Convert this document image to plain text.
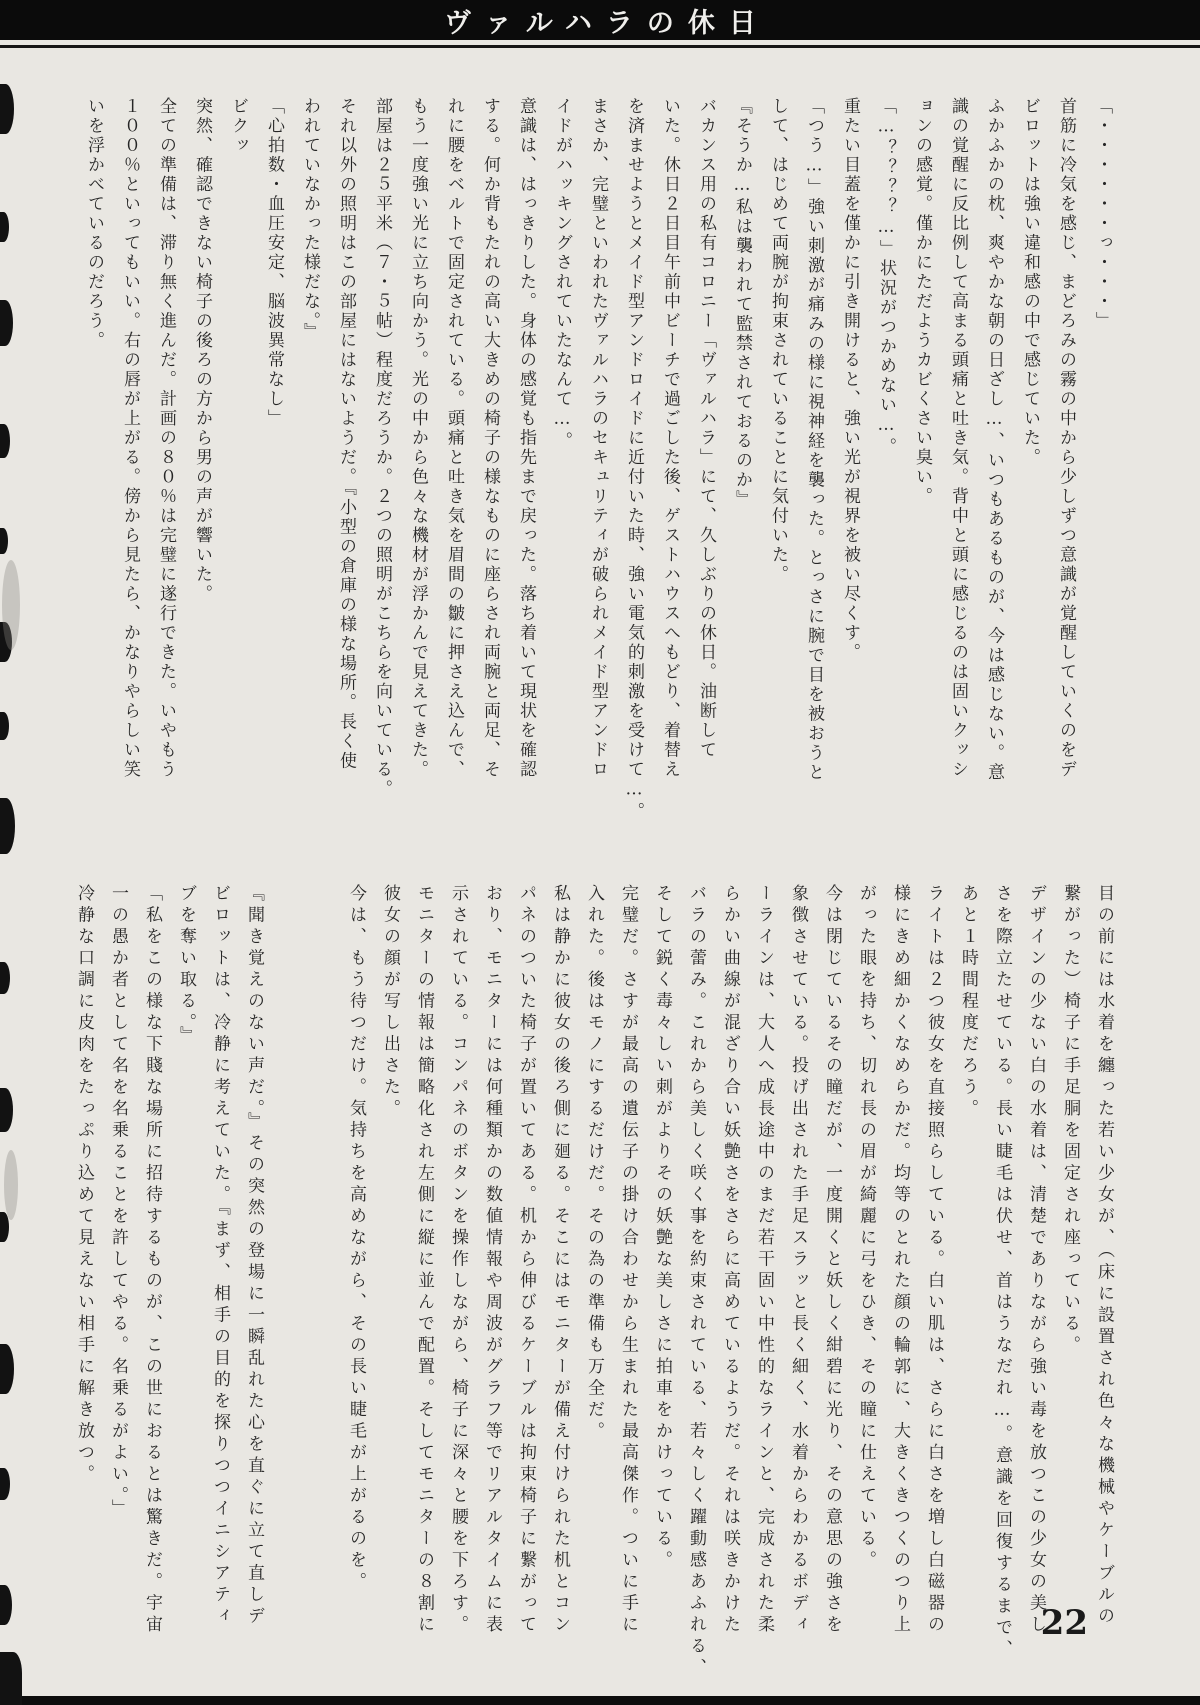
ヴァルハラの休日
「・・・・・・っ・・・」
首筋に冷気を感じ、まどろみの霧の中から少しずつ意識が覚醒していくのをデ
ビロットは強い違和感の中で感じていた。
ふかふかの枕、爽やかな朝の日ざし…、いつもあるものが、今は感じない。意
識の覚醒に反比例して高まる頭痛と吐き気。背中と頭に感じるのは固いクッシ
ョンの感覚。僅かにただようカビくさい臭い。
「…？？？？…」状況がつかめない…。
重たい目蓋を僅かに引き開けると、強い光が視界を被い尽くす。
「つう…」強い刺激が痛みの様に視神経を襲った。とっさに腕で目を被おうと
して、はじめて両腕が拘束されていることに気付いた。
『そうか…私は襲われて監禁されておるのか』
バカンス用の私有コロニー「ヴァルハラ」にて、久しぶりの休日。油断して
いた。休日２日目午前中ビーチで過ごした後、ゲストハウスへもどり、着替え
を済ませようとメイド型アンドロイドに近付いた時、強い電気的刺激を受けて…。
まさか、完璧といわれたヴァルハラのセキュリティが破られメイド型アンドロ
イドがハッキングされていたなんて…。
意識は、はっきりした。身体の感覚も指先まで戻った。落ち着いて現状を確認
する。何か背もたれの高い大きめの椅子の様なものに座らされ両腕と両足、そ
れに腰をベルトで固定されている。頭痛と吐き気を眉間の皺に押さえ込んで、
もう一度強い光に立ち向かう。光の中から色々な機材が浮かんで見えてきた。
部屋は２５平米（７・５帖）程度だろうか。２つの照明がこちらを向いている。
それ以外の照明はこの部屋にはないようだ。『小型の倉庫の様な場所。長く使
われていなかった様だな。』
「心拍数・血圧安定、脳波異常なし」
ビクッ
突然、確認できない椅子の後ろの方から男の声が響いた。
全ての準備は、滞り無く進んだ。計画の８０％は完璧に遂行できた。いやもう
１００％といってもいい。右の唇が上がる。傍から見たら、かなりやらしい笑
いを浮かべているのだろう。
目の前には水着を纏った若い少女が、（床に設置され色々な機械やケーブルの
繋がった）椅子に手足胴を固定され座っている。
デザインの少ない白の水着は、清楚でありながら強い毒を放つこの少女の美し
さを際立たせている。長い睫毛は伏せ、首はうなだれ…。意識を回復するまで、
あと１時間程度だろう。
ライトは２つ彼女を直接照らしている。白い肌は、さらに白さを増し白磁器の
様にきめ細かくなめらかだ。均等のとれた顔の輪郭に、大きくきつくのつり上
がった眼を持ち、切れ長の眉が綺麗に弓をひき、その瞳に仕えている。
今は閉じているその瞳だが、一度開くと妖しく紺碧に光り、その意思の強さを
象徴させている。投げ出された手足スラッと長く細く、水着からわかるボディ
ーラインは、大人へ成長途中のまだ若干固い中性的なラインと、完成された柔
らかい曲線が混ざり合い妖艶さをさらに高めているようだ。それは咲きかけた
バラの蕾み。これから美しく咲く事を約束されている、若々しく躍動感あふれる、
そして鋭く毒々しい刺がよりその妖艶な美しさに拍車をかけっている。
完璧だ。さすが最高の遺伝子の掛け合わせから生まれた最高傑作。ついに手に
入れた。後はモノにするだけだ。その為の準備も万全だ。
私は静かに彼女の後ろ側に廻る。そこにはモニターが備え付けられた机とコン
パネのついた椅子が置いてある。机から伸びるケーブルは拘束椅子に繋がって
おり、モニターには何種類かの数値情報や周波がグラフ等でリアルタイムに表
示されている。コンパネのボタンを操作しながら、椅子に深々と腰を下ろす。
モニターの情報は簡略化され左側に縦に並んで配置。そしてモニターの８割に
彼女の顔が写し出さた。
今は、もう待つだけ。気持ちを高めながら、その長い睫毛が上がるのを。
『聞き覚えのない声だ。』その突然の登場に一瞬乱れた心を直ぐに立て直しデ
ビロットは、冷静に考えていた。『まず、相手の目的を探りつつイニシアティ
ブを奪い取る。』
「私をこの様な下賤な場所に招待するものが、この世におるとは驚きだ。宇宙
一の愚か者として名を名乗ることを許してやる。名乗るがよい。」
冷静な口調に皮肉をたっぷり込めて見えない相手に解き放つ。
22
